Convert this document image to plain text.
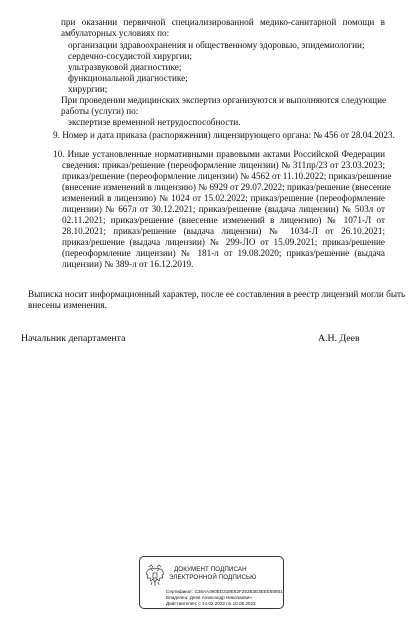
при оказании первичной специализированной медико-санитарной помощи в
амбулаторных условиях по:
организации здравоохранения и общественному здоровью, эпидемиологии;
сердечно-сосудистой хирургии;
ультразвуковой диагностике;
функциональной диагностике;
хирургии;
При проведении медицинских экспертиз организуются и выполняются следующие
работы (услуги) по:
экспертизе временной нетрудоспособности.
9. Номер и дата приказа (распоряжения) лицензирующего органа: № 456 от 28.04.2023.
10. Иные установленные нормативными правовыми актами Российской Федерации
сведения: приказ/решение (переоформление лицензии) № 311пр/23 от 23.03.2023;
приказ/решение (переоформление лицензии) № 4562 от 11.10.2022; приказ/решение
(внесение изменений в лицензию) № 6929 от 29.07.2022; приказ/решение (внесение
изменений в лицензию) № 1024 от 15.02.2022; приказ/решение (переоформление
лицензии) № 667л от 30.12.2021; приказ/решение (выдача лицензии) № 503л от
02.11.2021; приказ/решение (внесение изменений в лицензию) № 1071-Л от
28.10.2021; приказ/решение (выдача лицензии) № 1034-Л от 26.10.2021;
приказ/решение (выдача лицензии) № 299-ЛО от 15.09.2021; приказ/решение
(переоформление лицензии) № 181-л от 19.08.2020; приказ/решение (выдача
лицензии) № 389-л от 16.12.2019.
Выписка носит информационный характер, после ее составления в реестр лицензий могли быть
внесены изменения.
Начальник департамента	А.Н. Деев
ДОКУМЕНТ ПОДПИСАН
ЭЛЕКТРОННОЙ ПОДПИСЬЮ
Сертификат: C28AA390ED318E62F252B3E3EEE60801
Владелец: Деев Александр Николаевич
Действителен: с 14.02.2022 по 10.05.2023
